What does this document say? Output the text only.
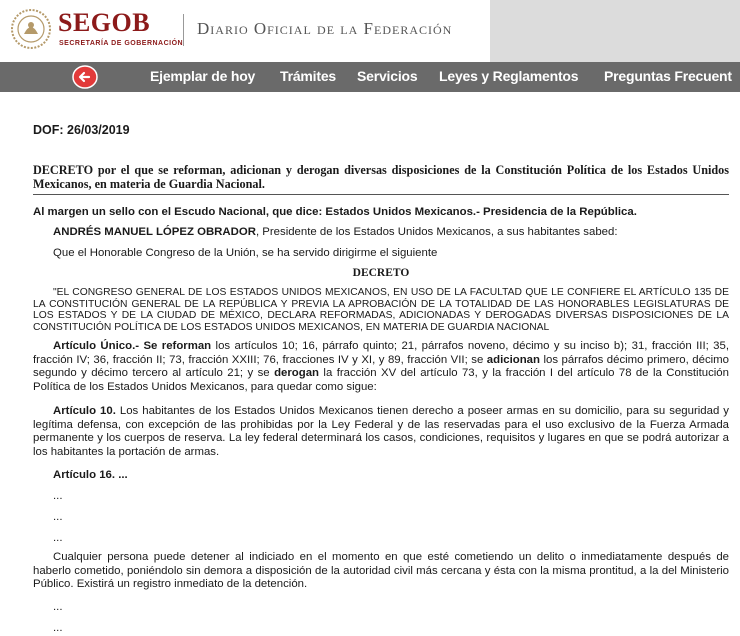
SEGOB
SECRETARÍA DE GOBERNACIÓN
Diario Oficial de la Federación
Ejemplar de hoy Trámites Servicios Leyes y Reglamentos Preguntas Frecuent
DOF: 26/03/2019
DECRETO por el que se reforman, adicionan y derogan diversas disposiciones de la Constitución Política de los Estados Unidos Mexicanos, en materia de Guardia Nacional.
Al margen un sello con el Escudo Nacional, que dice: Estados Unidos Mexicanos.- Presidencia de la República.
ANDRÉS MANUEL LÓPEZ OBRADOR, Presidente de los Estados Unidos Mexicanos, a sus habitantes sabed:
Que el Honorable Congreso de la Unión, se ha servido dirigirme el siguiente
DECRETO
"EL CONGRESO GENERAL DE LOS ESTADOS UNIDOS MEXICANOS, EN USO DE LA FACULTAD QUE LE CONFIERE EL ARTÍCULO 135 DE LA CONSTITUCIÓN GENERAL DE LA REPÚBLICA Y PREVIA LA APROBACIÓN DE LA TOTALIDAD DE LAS HONORABLES LEGISLATURAS DE LOS ESTADOS Y DE LA CIUDAD DE MÉXICO, DECLARA REFORMADAS, ADICIONADAS Y DEROGADAS DIVERSAS DISPOSICIONES DE LA CONSTITUCIÓN POLÍTICA DE LOS ESTADOS UNIDOS MEXICANOS, EN MATERIA DE GUARDIA NACIONAL
Artículo Único.- Se reforman los artículos 10; 16, párrafo quinto; 21, párrafos noveno, décimo y su inciso b); 31, fracción III; 35, fracción IV; 36, fracción II; 73, fracción XXIII; 76, fracciones IV y XI, y 89, fracción VII; se adicionan los párrafos décimo primero, décimo segundo y décimo tercero al artículo 21; y se derogan la fracción XV del artículo 73, y la fracción I del artículo 78 de la Constitución Política de los Estados Unidos Mexicanos, para quedar como sigue:
Artículo 10. Los habitantes de los Estados Unidos Mexicanos tienen derecho a poseer armas en su domicilio, para su seguridad y legítima defensa, con excepción de las prohibidas por la Ley Federal y de las reservadas para el uso exclusivo de la Fuerza Armada permanente y los cuerpos de reserva. La ley federal determinará los casos, condiciones, requisitos y lugares en que se podrá autorizar a los habitantes la portación de armas.
Artículo 16. ...
...
...
...
Cualquier persona puede detener al indiciado en el momento en que esté cometiendo un delito o inmediatamente después de haberlo cometido, poniéndolo sin demora a disposición de la autoridad civil más cercana y ésta con la misma prontitud, a la del Ministerio Público. Existirá un registro inmediato de la detención.
...
...
